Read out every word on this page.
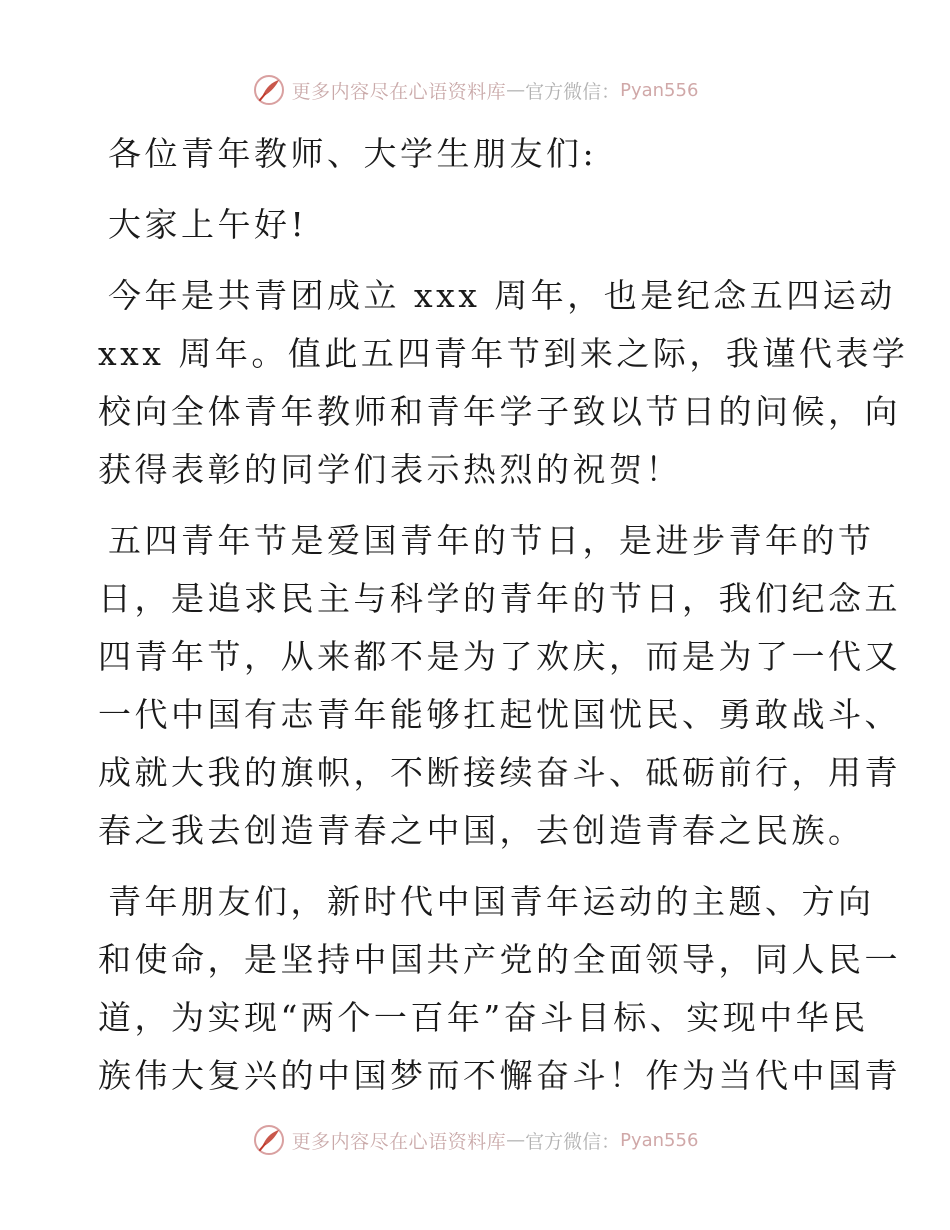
更多内容尽在心语资料库 — 官方微信： Pyan556

各位青年教师、大学生朋友们:

大家上午好!

今年是共青团成立 xxx 周年，也是纪念五四运动
xxx 周年。值此五四青年节到来之际，我谨代表学
校向全体青年教师和青年学子致以节日的问候，向
获得表彰的同学们表示热烈的祝贺！

五四青年节是爱国青年的节日，是进步青年的节
日，是追求民主与科学的青年的节日，我们纪念五
四青年节，从来都不是为了欢庆，而是为了一代又
一代中国有志青年能够扛起忧国忧民、勇敢战斗、
成就大我的旗帜，不断接续奋斗、砥砺前行，用青
春之我去创造青春之中国，去创造青春之民族。

青年朋友们，新时代中国青年运动的主题、方向
和使命，是坚持中国共产党的全面领导，同人民一
道，为实现“两个一百年”奋斗目标、实现中华民
族伟大复兴的中国梦而不懈奋斗！作为当代中国青

更多内容尽在心语资料库 — 官方微信： Pyan556
